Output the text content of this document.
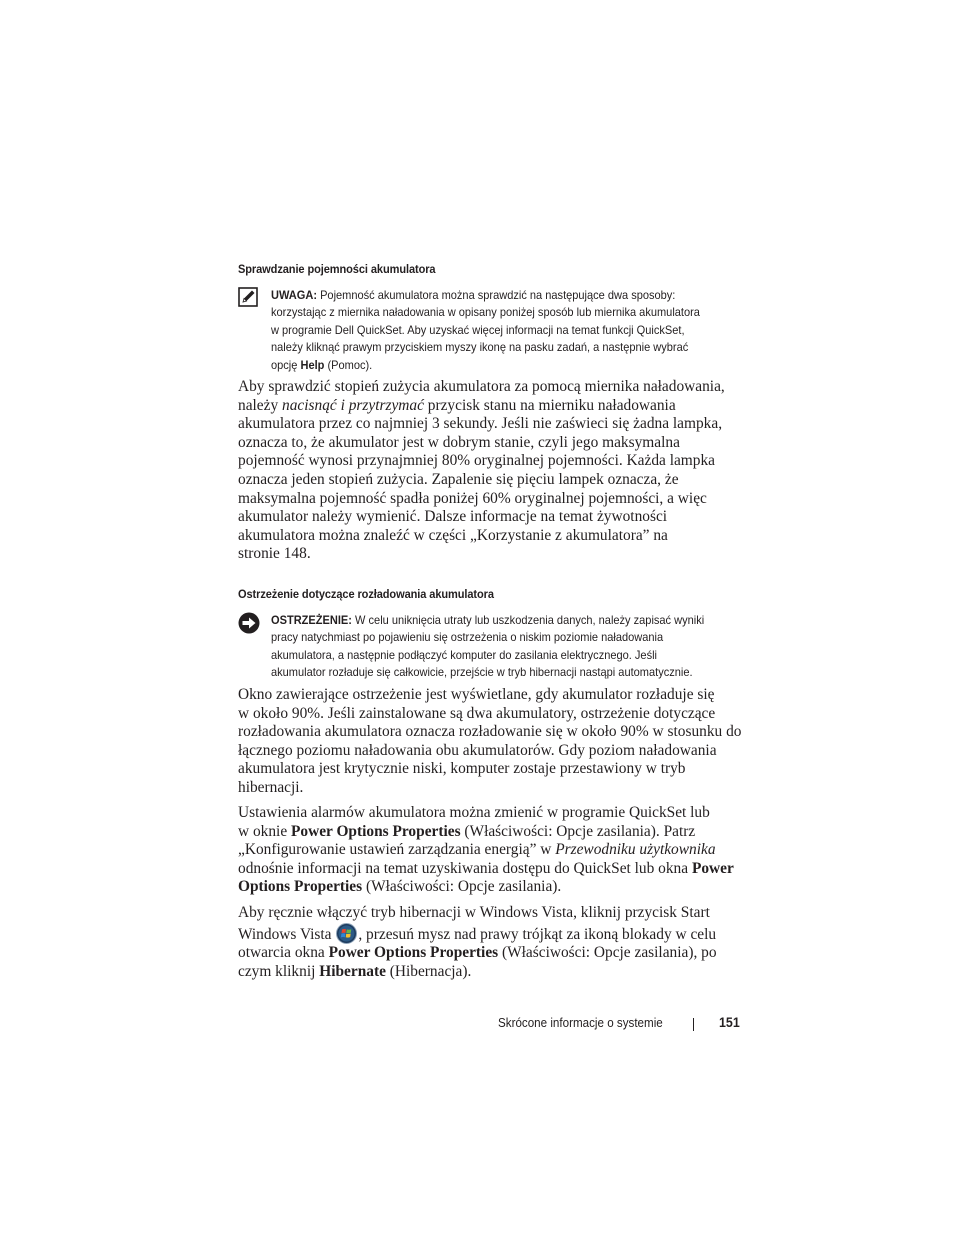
Sprawdzanie pojemności akumulatora
UWAGA: Pojemność akumulatora można sprawdzić na następujące dwa sposoby:
korzystając z miernika naładowania w opisany poniżej sposób lub miernika akumulatora
w programie Dell QuickSet. Aby uzyskać więcej informacji na temat funkcji QuickSet,
należy kliknąć prawym przyciskiem myszy ikonę na pasku zadań, a następnie wybrać
opcję Help (Pomoc).
Aby sprawdzić stopień zużycia akumulatora za pomocą miernika naładowania,
należy nacisnąć i przytrzymać przycisk stanu na mierniku naładowania
akumulatora przez co najmniej 3 sekundy. Jeśli nie zaświeci się żadna lampka,
oznacza to, że akumulator jest w dobrym stanie, czyli jego maksymalna
pojemność wynosi przynajmniej 80% oryginalnej pojemności. Każda lampka
oznacza jeden stopień zużycia. Zapalenie się pięciu lampek oznacza, że
maksymalna pojemność spadła poniżej 60% oryginalnej pojemności, a więc
akumulator należy wymienić. Dalsze informacje na temat żywotności
akumulatora można znaleźć w części „Korzystanie z akumulatora” na
stronie 148.
Ostrzeżenie dotyczące rozładowania akumulatora
OSTRZEŻENIE: W celu uniknięcia utraty lub uszkodzenia danych, należy zapisać wyniki
pracy natychmiast po pojawieniu się ostrzeżenia o niskim poziomie naładowania
akumulatora, a następnie podłączyć komputer do zasilania elektrycznego. Jeśli
akumulator rozładuje się całkowicie, przejście w tryb hibernacji nastąpi automatycznie.
Okno zawierające ostrzeżenie jest wyświetlane, gdy akumulator rozładuje się
w około 90%. Jeśli zainstalowane są dwa akumulatory, ostrzeżenie dotyczące
rozładowania akumulatora oznacza rozładowanie się w około 90% w stosunku do
łącznego poziomu naładowania obu akumulatorów. Gdy poziom naładowania
akumulatora jest krytycznie niski, komputer zostaje przestawiony w tryb
hibernacji.
Ustawienia alarmów akumulatora można zmienić w programie QuickSet lub
w oknie Power Options Properties (Właściwości: Opcje zasilania). Patrz
„Konfigurowanie ustawień zarządzania energią” w Przewodniku użytkownika
odnośnie informacji na temat uzyskiwania dostępu do QuickSet lub okna Power
Options Properties (Właściwości: Opcje zasilania).
Aby ręcznie włączyć tryb hibernacji w Windows Vista, kliknij przycisk Start
Windows Vista , przesuń mysz nad prawy trójkąt za ikoną blokady w celu
otwarcia okna Power Options Properties (Właściwości: Opcje zasilania), po
czym kliknij Hibernate (Hibernacja).
Skrócone informacje o systemie	151
